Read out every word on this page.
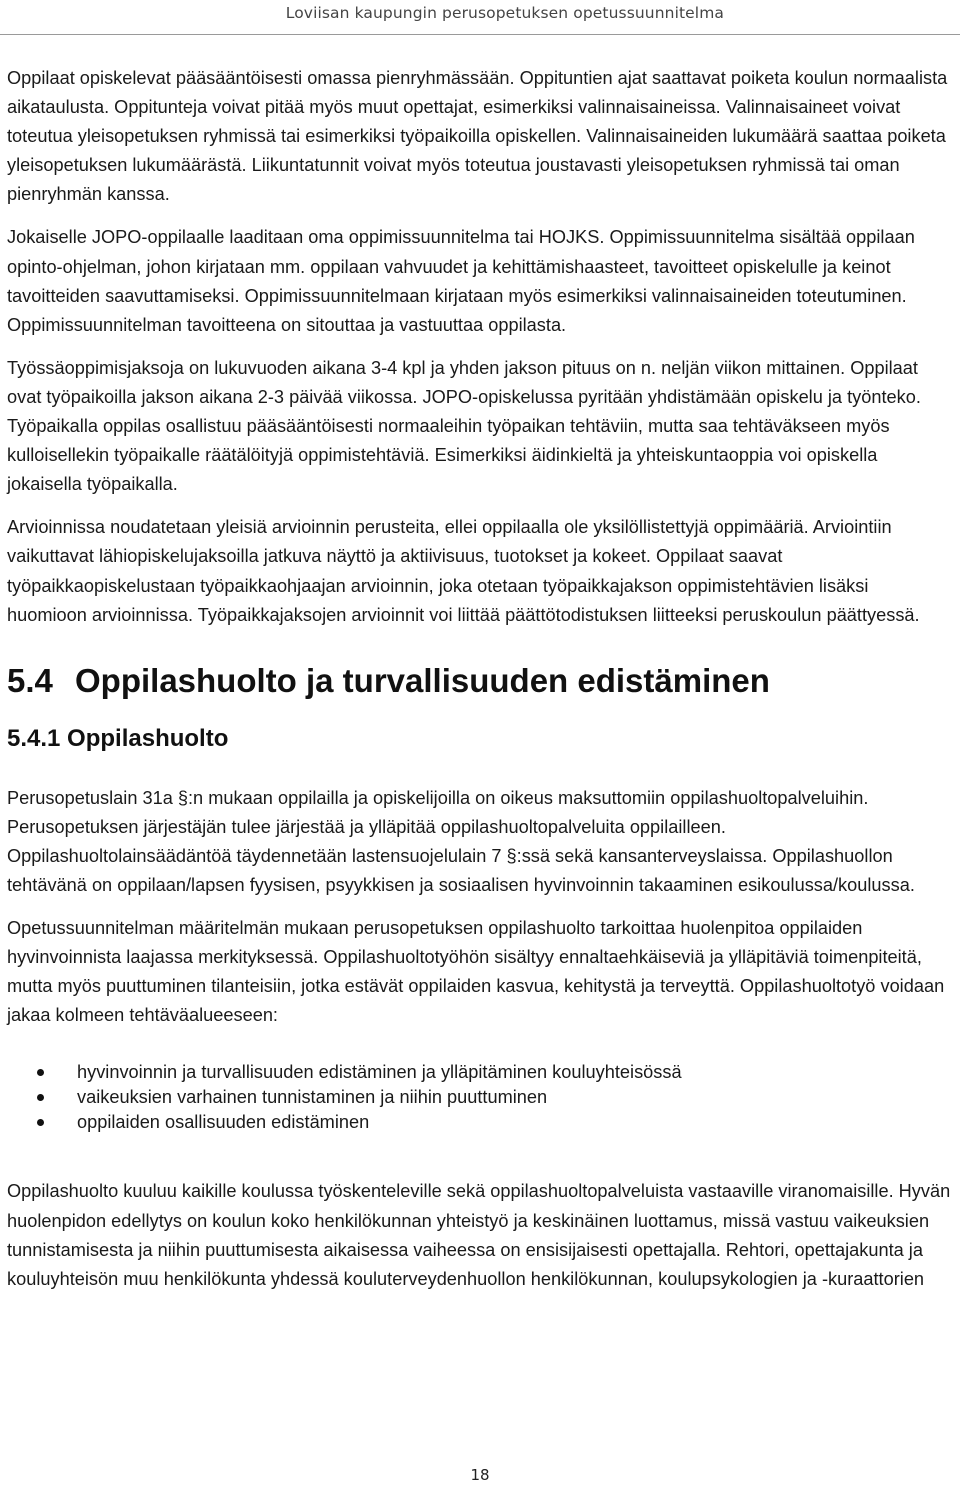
Loviisan kaupungin perusopetuksen opetussuunnitelma

Oppilaat opiskelevat pääsääntöisesti omassa pienryhmässään. Oppituntien ajat saattavat poiketa koulun normaalista aikataulusta. Oppitunteja voivat pitää myös muut opettajat, esimerkiksi valinnaisaineissa. Valinnaisaineet voivat toteutua yleisopetuksen ryhmissä tai esimerkiksi työpaikoilla opiskellen. Valinnaisaineiden lukumäärä saattaa poiketa yleisopetuksen lukumäärästä. Liikuntatunnit voivat myös toteutua joustavasti yleisopetuksen ryhmissä tai oman pienryhmän kanssa.

Jokaiselle JOPO-oppilaalle laaditaan oma oppimissuunnitelma tai HOJKS. Oppimissuunnitelma sisältää oppilaan opinto-ohjelman, johon kirjataan mm. oppilaan vahvuudet ja kehittämishaasteet, tavoitteet opiskelulle ja keinot tavoitteiden saavuttamiseksi. Oppimissuunnitelmaan kirjataan myös esimerkiksi valinnaisaineiden toteutuminen. Oppimissuunnitelman tavoitteena on sitouttaa ja vastuuttaa oppilasta.

Työssäoppimisjaksoja on lukuvuoden aikana 3-4 kpl ja yhden jakson pituus on n. neljän viikon mittainen. Oppilaat ovat työpaikoilla jakson aikana 2-3 päivää viikossa. JOPO-opiskelussa pyritään yhdistämään opiskelu ja työnteko. Työpaikalla oppilas osallistuu pääsääntöisesti normaaleihin työpaikan tehtäviin, mutta saa tehtäväkseen myös kulloisellekin työpaikalle räätälöityjä oppimistehtäviä. Esimerkiksi äidinkieltä ja yhteiskuntaoppia voi opiskella jokaisella työpaikalla.

Arvioinnissa noudatetaan yleisiä arvioinnin perusteita, ellei oppilaalla ole yksilöllistettyjä oppimääriä. Arviointiin vaikuttavat lähiopiskelujaksoilla jatkuva näyttö ja aktiivisuus, tuotokset ja kokeet. Oppilaat saavat työpaikkaopiskelustaan työpaikkaohjaajan arvioinnin, joka otetaan työpaikkajakson oppimistehtävien lisäksi huomioon arvioinnissa. Työpaikkajaksojen arvioinnit voi liittää päättötodistuksen liitteeksi peruskoulun päättyessä.

5.4 Oppilashuolto ja turvallisuuden edistäminen
5.4.1 Oppilashuolto

Perusopetuslain 31a §:n mukaan oppilailla ja opiskelijoilla on oikeus maksuttomiin oppilashuoltopalveluihin. Perusopetuksen järjestäjän tulee järjestää ja ylläpitää oppilashuoltopalveluita oppilailleen. Oppilashuoltolainsäädäntöä täydennetään lastensuojelulain 7 §:ssä sekä kansanterveyslaissa. Oppilashuollon tehtävänä on oppilaan/lapsen fyysisen, psyykkisen ja sosiaalisen hyvinvoinnin takaaminen esikoulussa/koulussa.

Opetussuunnitelman määritelmän mukaan perusopetuksen oppilashuolto tarkoittaa huolenpitoa oppilaiden hyvinvoinnista laajassa merkityksessä. Oppilashuoltotyöhön sisältyy ennaltaehkäiseviä ja ylläpitäviä toimenpiteitä, mutta myös puuttuminen tilanteisiin, jotka estävät oppilaiden kasvua, kehitystä ja terveyttä. Oppilashuoltotyö voidaan jakaa kolmeen tehtäväalueeseen:

hyvinvoinnin ja turvallisuuden edistäminen ja ylläpitäminen kouluyhteisössä
vaikeuksien varhainen tunnistaminen ja niihin puuttuminen
oppilaiden osallisuuden edistäminen

Oppilashuolto kuuluu kaikille koulussa työskenteleville sekä oppilashuoltopalveluista vastaaville viranomaisille. Hyvän huolenpidon edellytys on koulun koko henkilökunnan yhteistyö ja keskinäinen luottamus, missä vastuu vaikeuksien tunnistamisesta ja niihin puuttumisesta aikaisessa vaiheessa on ensisijaisesti opettajalla. Rehtori, opettajakunta ja kouluyhteisön muu henkilökunta yhdessä kouluterveydenhuollon henkilökunnan, koulupsykologien ja -kuraattorien

18
